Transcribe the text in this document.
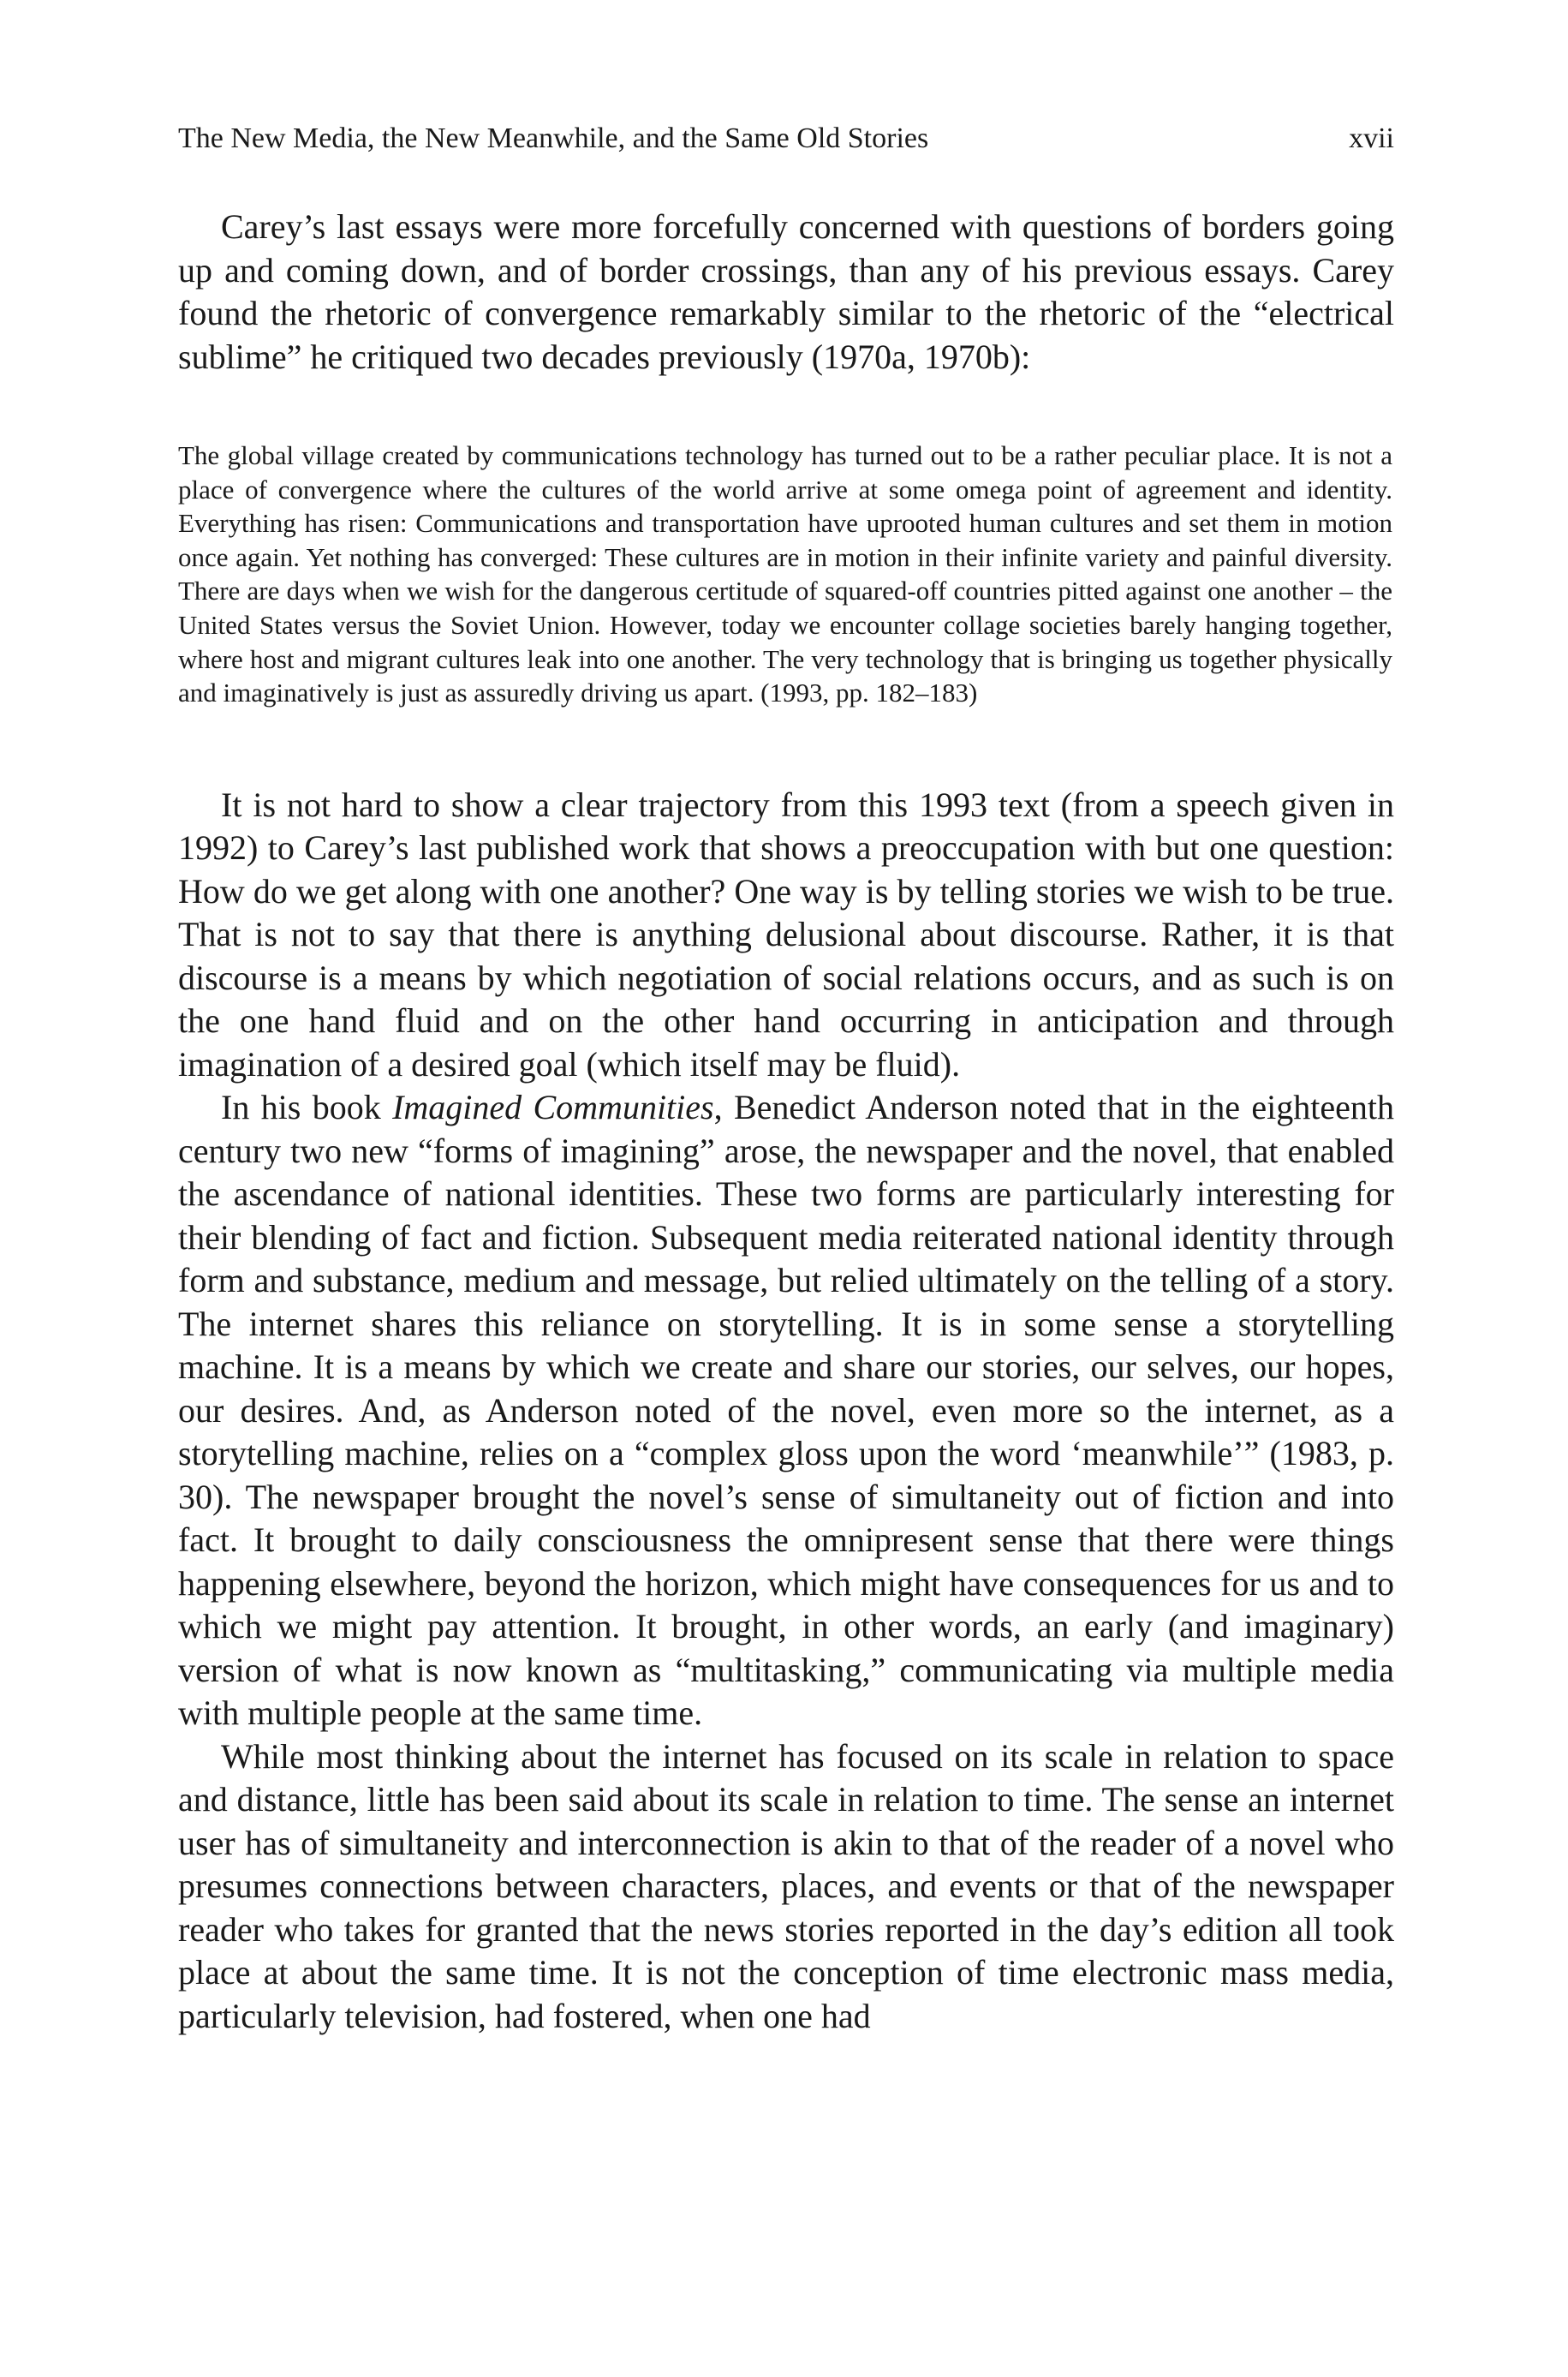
The New Media, the New Meanwhile, and the Same Old Stories	xvii

Carey’s last essays were more forcefully concerned with questions of borders going up and coming down, and of border crossings, than any of his previous essays. Carey found the rhetoric of convergence remarkably similar to the rhetoric of the “electrical sublime” he critiqued two decades previously (1970a, 1970b):

The global village created by communications technology has turned out to be a rather peculiar place. It is not a place of convergence where the cultures of the world arrive at some omega point of agreement and identity. Everything has risen: Communications and transportation have uprooted human cultures and set them in motion once again. Yet nothing has converged: These cultures are in motion in their infinite variety and painful diversity. There are days when we wish for the dangerous certitude of squared-off countries pitted against one another – the United States versus the Soviet Union. However, today we encounter collage societies barely hanging together, where host and migrant cultures leak into one another. The very technology that is bringing us together physically and imaginatively is just as assuredly driving us apart. (1993, pp. 182–183)

It is not hard to show a clear trajectory from this 1993 text (from a speech given in 1992) to Carey’s last published work that shows a preoccupation with but one question: How do we get along with one another? One way is by telling stories we wish to be true. That is not to say that there is anything delusional about discourse. Rather, it is that discourse is a means by which negotiation of social relations occurs, and as such is on the one hand fluid and on the other hand occurring in anticipation and through imagination of a desired goal (which itself may be fluid).

In his book Imagined Communities, Benedict Anderson noted that in the eighteenth century two new “forms of imagining” arose, the newspaper and the novel, that enabled the ascendance of national identities. These two forms are particularly interesting for their blending of fact and fiction. Subsequent media reiterated national identity through form and substance, medium and message, but relied ultimately on the telling of a story. The internet shares this reliance on storytelling. It is in some sense a storytelling machine. It is a means by which we create and share our stories, our selves, our hopes, our desires. And, as Anderson noted of the novel, even more so the internet, as a storytelling machine, relies on a “complex gloss upon the word ‘meanwhile’” (1983, p. 30). The newspaper brought the novel’s sense of simultaneity out of fiction and into fact. It brought to daily consciousness the omnipresent sense that there were things happening elsewhere, beyond the horizon, which might have consequences for us and to which we might pay attention. It brought, in other words, an early (and imaginary) version of what is now known as “multitasking,” communicating via multiple media with multiple people at the same time.

While most thinking about the internet has focused on its scale in relation to space and distance, little has been said about its scale in relation to time. The sense an internet user has of simultaneity and interconnection is akin to that of the reader of a novel who presumes connections between characters, places, and events or that of the newspaper reader who takes for granted that the news stories reported in the day’s edition all took place at about the same time. It is not the conception of time electronic mass media, particularly television, had fostered, when one had
